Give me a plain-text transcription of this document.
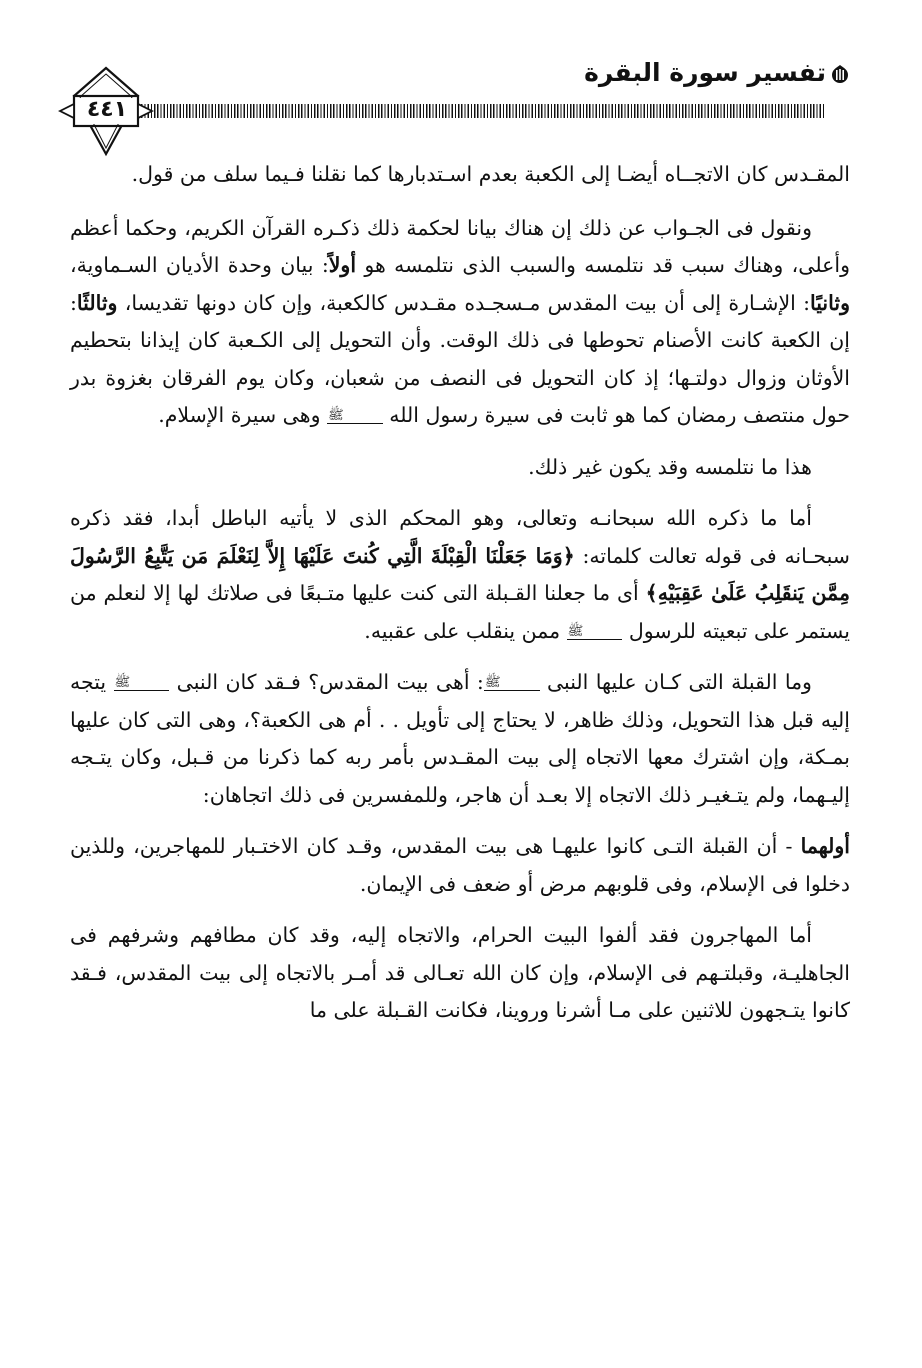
تفسير سورة البقرة
٤٤١

المقـدس كان الاتجــاه أيضـا إلى الكعبة بعدم اسـتدبارها كما نقلنا فـيما سلف من قول.

ونقول فى الجـواب عن ذلك إن هناك بيانا لحكمة ذلك ذكـره القرآن الكريم، وحكما أعظم وأعلى، وهناك سبب قد نتلمسه والسبب الذى نتلمسه هو أولاً: بيان وحدة الأديان السـماوية، وثانيًا: الإشـارة إلى أن بيت المقدس مـسجـده مقـدس كالكعبة، وإن كان دونها تقديسا، وثالثًا: إن الكعبة كانت الأصنام تحوطها فى ذلك الوقت. وأن التحويل إلى الكـعبة كان إيذانا بتحطيم الأوثان وزوال دولتـها؛ إذ كان التحويل فى النصف من شعبان، وكان يوم الفرقان بغزوة بدر حول منتصف رمضان كما هو ثابت فى سيرة رسول الله ﷺ وهى سيرة الإسلام.

هذا ما نتلمسه وقد يكون غير ذلك.

أما ما ذكره الله سبحانـه وتعالى، وهو المحكم الذى لا يأتيه الباطل أبدا، فقد ذكره سبحـانه فى قوله تعالت كلماته: ﴿وَمَا جَعَلْنَا الْقِبْلَةَ الَّتِي كُنتَ عَلَيْهَا إِلاَّ لِنَعْلَمَ مَن يَتَّبِعُ الرَّسُولَ مِمَّن يَنقَلِبُ عَلَىٰ عَقِبَيْهِ﴾ أى ما جعلنا القـبلة التى كنت عليها متـبعًا فى صلاتك لها إلا لنعلم من يستمر على تبعيته للرسول ﷺ ممن ينقلب على عقبيه.

وما القبلة التى كـان عليها النبى ﷺ: أهى بيت المقدس؟ فـقد كان النبى ﷺ يتجه إليه قبل هذا التحويل، وذلك ظاهر، لا يحتاج إلى تأويل . . أم هى الكعبة؟، وهى التى كان عليها بمـكة، وإن اشترك معها الاتجاه إلى بيت المقـدس بأمر ربه كما ذكرنا من قـبل، وكان يتـجه إليـهما، ولم يتـغيـر ذلك الاتجاه إلا بعـد أن هاجر، وللمفسرين فى ذلك اتجاهان:

أولهما - أن القبلة التـى كانوا عليهـا هى بيت المقدس، وقـد كان الاختـبار للمهاجرين، وللذين دخلوا فى الإسلام، وفى قلوبهم مرض أو ضعف فى الإيمان.

أما المهاجرون فقد ألفوا البيت الحرام، والاتجاه إليه، وقد كان مطافهم وشرفهم فى الجاهليـة، وقبلتـهم فى الإسلام، وإن كان الله تعـالى قد أمـر بالاتجاه إلى بيت المقدس، فـقد كانوا يتـجهون للاثنين على مـا أشرنا وروينا، فكانت القـبلة على ما
